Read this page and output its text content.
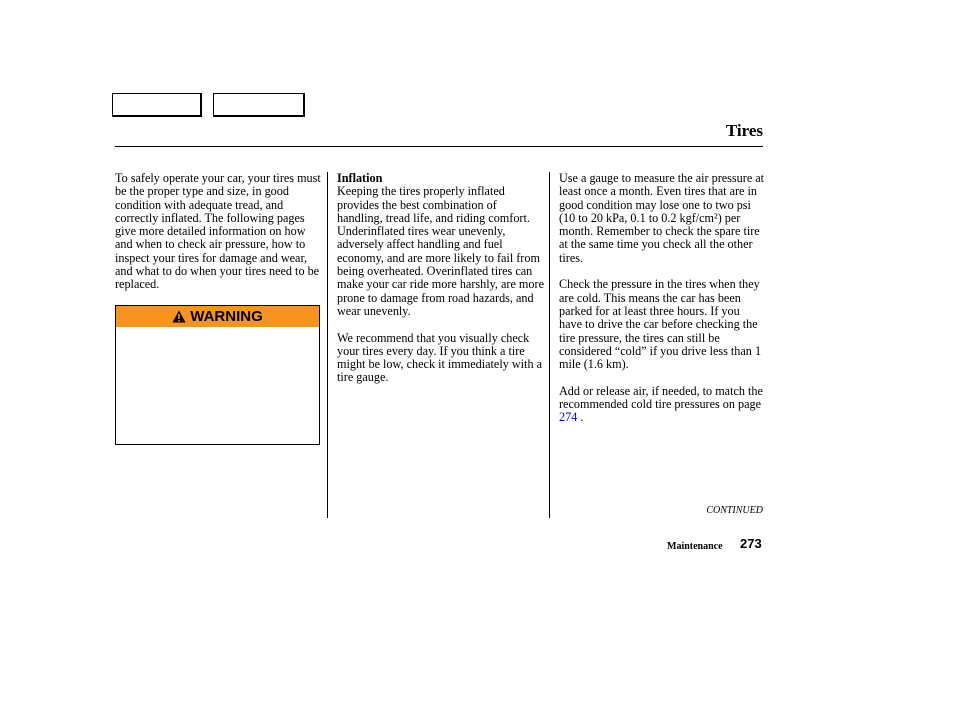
Tires

To safely operate your car, your tires must be the proper type and size, in good condition with adequate tread, and correctly inflated. The following pages give more detailed information on how and when to check air pressure, how to inspect your tires for damage and wear, and what to do when your tires need to be replaced.

WARNING

Inflation

Keeping the tires properly inflated provides the best combination of handling, tread life, and riding comfort. Underinflated tires wear unevenly, adversely affect handling and fuel economy, and are more likely to fail from being overheated. Overinflated tires can make your car ride more harshly, are more prone to damage from road hazards, and wear unevenly.

We recommend that you visually check your tires every day. If you think a tire might be low, check it immediately with a tire gauge.

Use a gauge to measure the air pressure at least once a month. Even tires that are in good condition may lose one to two psi (10 to 20 kPa, 0.1 to 0.2 kgf/cm²) per month. Remember to check the spare tire at the same time you check all the other tires.

Check the pressure in the tires when they are cold. This means the car has been parked for at least three hours. If you have to drive the car before checking the tire pressure, the tires can still be considered “cold” if you drive less than 1 mile (1.6 km).

Add or release air, if needed, to match the recommended cold tire pressures on page 274 .

CONTINUED
Maintenance 273
